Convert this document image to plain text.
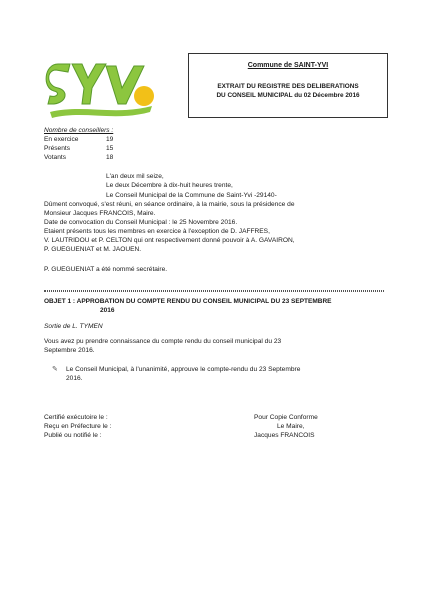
Commune de SAINT-YVI
EXTRAIT DU REGISTRE DES DELIBERATIONS
DU CONSEIL MUNICIPAL du 02 Décembre 2016
Nombre de conseillers :
En exercice	19
Présents	15
Votants	18
L'an deux mil seize,
Le deux Décembre à dix-huit heures trente,
Le Conseil Municipal de la Commune de Saint-Yvi -29140-
Dûment convoqué, s'est réuni, en séance ordinaire, à la mairie, sous la présidence de
Monsieur Jacques FRANCOIS, Maire.
Date de convocation du Conseil Municipal : le 25 Novembre 2016.
Etaient présents tous les membres en exercice à l'exception de D. JAFFRES,
V. LAUTRIDOU et P. CELTON qui ont respectivement donné pouvoir à A. GAVAIRON,
P. GUEGUENIAT et M. JAOUEN.
P. GUEGUENIAT a été nommé secrétaire.
OBJET 1 : APPROBATION DU COMPTE RENDU DU CONSEIL MUNICIPAL DU 23 SEPTEMBRE
2016
Sortie de L. TYMEN
Vous avez pu prendre connaissance du compte rendu du conseil municipal du 23
Septembre 2016.
✎ Le Conseil Municipal, à l'unanimité, approuve le compte-rendu du 23 Septembre
2016.
Certifié exécutoire le :
Reçu en Préfecture le :
Publié ou notifié le :
Pour Copie Conforme
Le Maire,
Jacques FRANCOIS
